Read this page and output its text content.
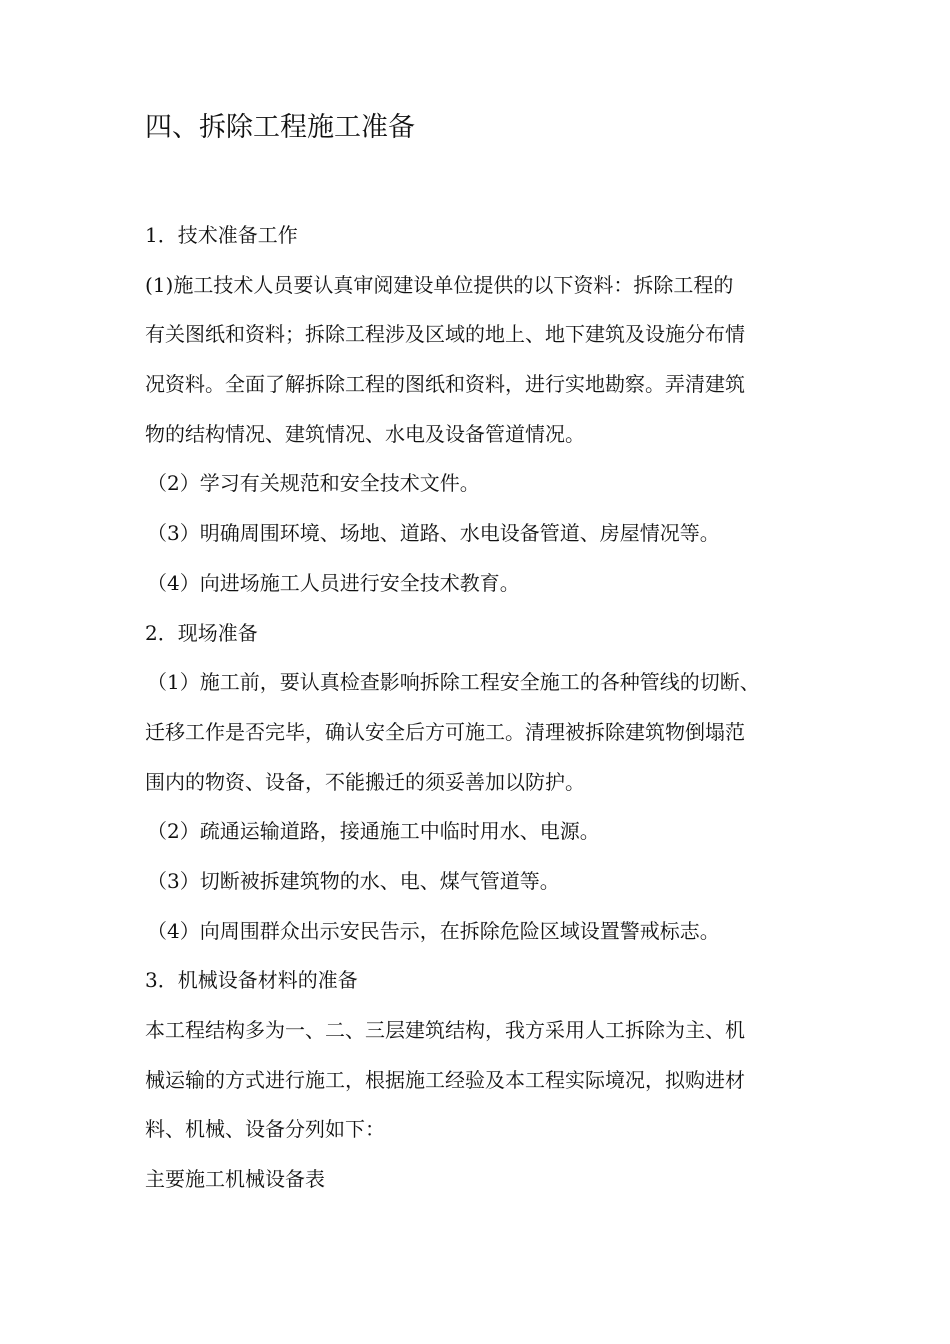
四、拆除工程施工准备
1．技术准备工作
(1)施工技术人员要认真审阅建设单位提供的以下资料：拆除工程的
有关图纸和资料；拆除工程涉及区域的地上、地下建筑及设施分布情
况资料。全面了解拆除工程的图纸和资料，进行实地勘察。弄清建筑
物的结构情况、建筑情况、水电及设备管道情况。
（2）学习有关规范和安全技术文件。
（3）明确周围环境、场地、道路、水电设备管道、房屋情况等。
（4）向进场施工人员进行安全技术教育。
2．现场准备
（1）施工前，要认真检查影响拆除工程安全施工的各种管线的切断、
迁移工作是否完毕，确认安全后方可施工。清理被拆除建筑物倒塌范
围内的物资、设备，不能搬迁的须妥善加以防护。
（2）疏通运输道路，接通施工中临时用水、电源。
（3）切断被拆建筑物的水、电、煤气管道等。
（4）向周围群众出示安民告示，在拆除危险区域设置警戒标志。
3．机械设备材料的准备
本工程结构多为一、二、三层建筑结构，我方采用人工拆除为主、机
械运输的方式进行施工，根据施工经验及本工程实际境况，拟购进材
料、机械、设备分列如下：
主要施工机械设备表
